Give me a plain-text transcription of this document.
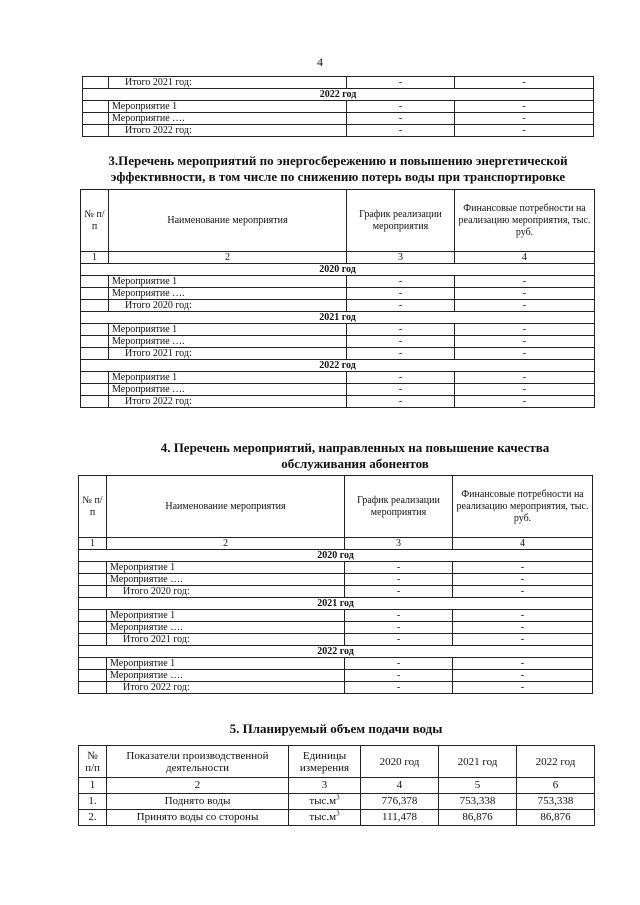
4
	Итого 2021 год:	-	-
2022 год			
	Мероприятие 1	-	-
	Мероприятие ….	-	-
	Итого 2022 год:	-	-
3.Перечень мероприятий по энергосбережению и повышению энергетической эффективности, в том числе по снижению потерь воды при транспортировке
№ п/п	Наименование мероприятия	График реализации мероприятия	Финансовые потребности на реализацию мероприятия, тыс. руб.
1	2	3	4
2020 год			
	Мероприятие 1	-	-
	Мероприятие ….	-	-
	Итого 2020 год:	-	-
2021 год			
	Мероприятие 1	-	-
	Мероприятие ….	-	-
	Итого 2021 год:	-	-
2022 год			
	Мероприятие 1	-	-
	Мероприятие ….	-	-
	Итого 2022 год:	-	-
4. Перечень мероприятий, направленных на повышение качества обслуживания абонентов
№ п/п	Наименование мероприятия	График реализации мероприятия	Финансовые потребности на реализацию мероприятия, тыс. руб.
1	2	3	4
2020 год			
	Мероприятие 1	-	-
	Мероприятие ….	-	-
	Итого 2020 год:	-	-
2021 год			
	Мероприятие 1	-	-
	Мероприятие ….	-	-
	Итого 2021 год:	-	-
2022 год			
	Мероприятие 1	-	-
	Мероприятие ….	-	-
	Итого 2022 год:	-	-
5. Планируемый объем подачи воды
№ п/п	Показатели производственной деятельности	Единицы измерения	2020 год	2021 год	2022 год
1	2	3	4	5	6
1.	Поднято воды	$тыс.м^3$	776,378	753,338	753,338
2.	Принято воды со стороны	$тыс.м^3$	111,478	86,876	86,876
